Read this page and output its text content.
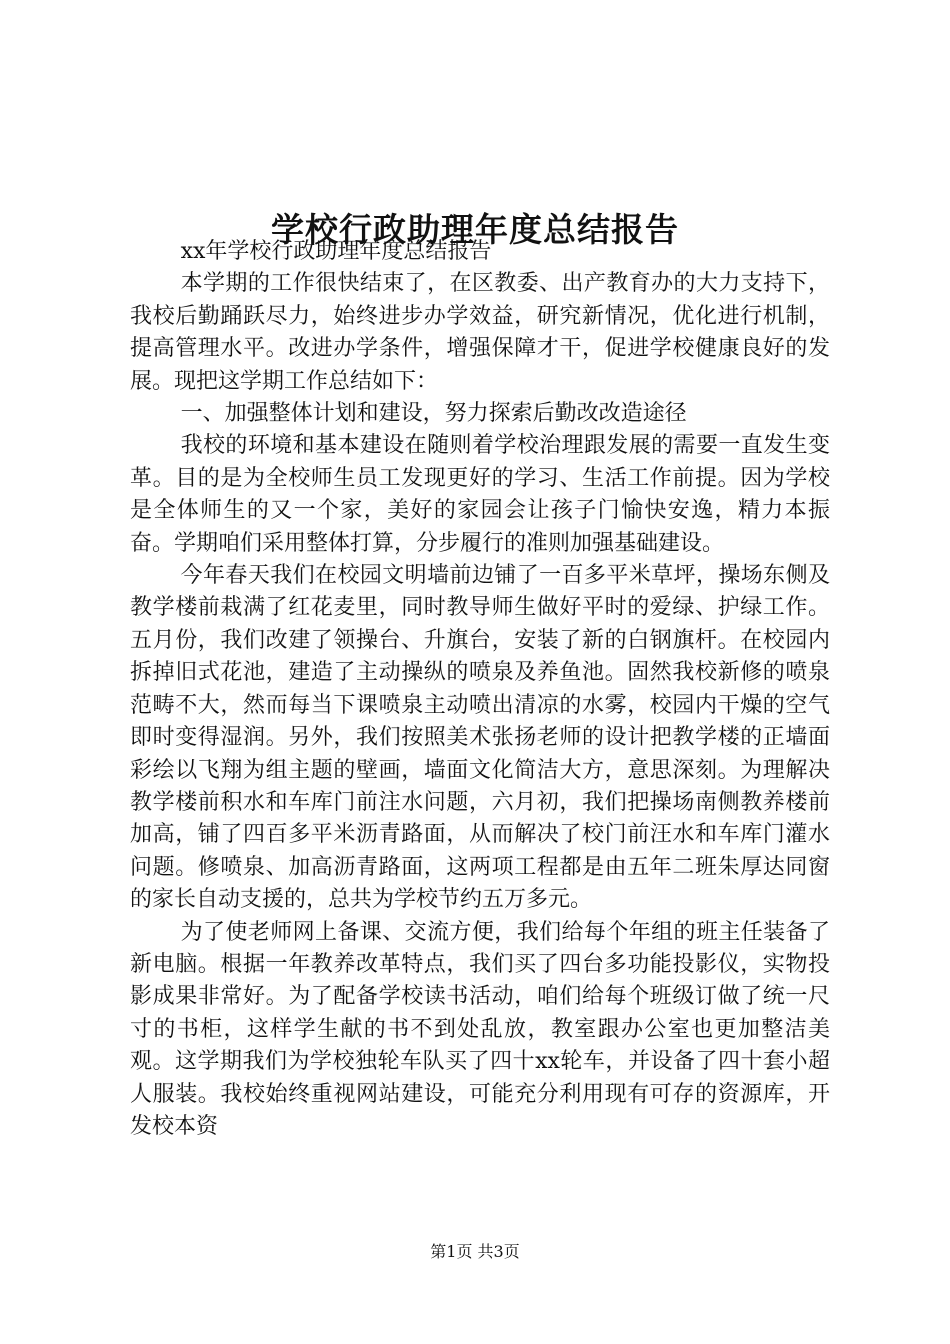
学校行政助理年度总结报告

xx年学校行政助理年度总结报告

本学期的工作很快结束了，在区教委、出产教育办的大力支持下，我校后勤踊跃尽力，始终进步办学效益，研究新情况，优化进行机制，提高管理水平。改进办学条件，增强保障才干，促进学校健康良好的发展。现把这学期工作总结如下：

一、加强整体计划和建设，努力探索后勤改改造途径

我校的环境和基本建设在随则着学校治理跟发展的需要一直发生变革。目的是为全校师生员工发现更好的学习、生活工作前提。因为学校是全体师生的又一个家，美好的家园会让孩子门愉快安逸，精力本振奋。学期咱们采用整体打算，分步履行的准则加强基础建设。

今年春天我们在校园文明墙前边铺了一百多平米草坪，操场东侧及教学楼前栽满了红花麦里，同时教导师生做好平时的爱绿、护绿工作。五月份，我们改建了领操台、升旗台，安装了新的白钢旗杆。在校园内拆掉旧式花池，建造了主动操纵的喷泉及养鱼池。固然我校新修的喷泉范畴不大，然而每当下课喷泉主动喷出清凉的水雾，校园内干燥的空气即时变得湿润。另外，我们按照美术张扬老师的设计把教学楼的正墙面彩绘以飞翔为组主题的壁画，墙面文化简洁大方，意思深刻。为理解决教学楼前积水和车库门前注水问题，六月初，我们把操场南侧教养楼前加高，铺了四百多平米沥青路面，从而解决了校门前汪水和车库门灌水问题。修喷泉、加高沥青路面，这两项工程都是由五年二班朱厚达同窗的家长自动支援的，总共为学校节约五万多元。

为了使老师网上备课、交流方便，我们给每个年组的班主任装备了新电脑。根据一年教养改革特点，我们买了四台多功能投影仪，实物投影成果非常好。为了配备学校读书活动，咱们给每个班级订做了统一尺寸的书柜，这样学生献的书不到处乱放，教室跟办公室也更加整洁美观。这学期我们为学校独轮车队买了四十xx轮车，并设备了四十套小超人服装。我校始终重视网站建设，可能充分利用现有可存的资源库，开发校本资

第1页 共3页
